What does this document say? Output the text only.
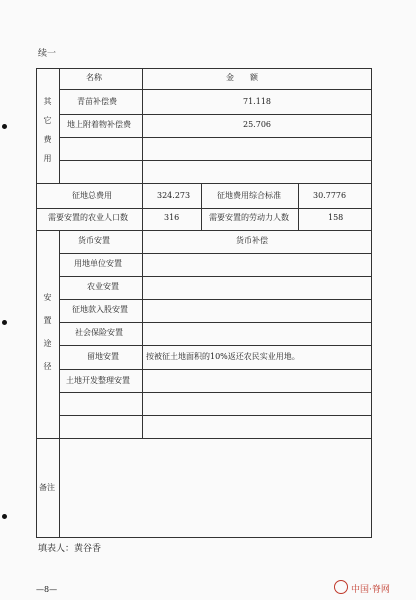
续一
其它费用
名称	金　　额
青苗补偿费	71.118
地上附着物补偿费	25.706
征地总费用	324.273	征地费用综合标准	30.7776
需要安置的农业人口数	316	需要安置的劳动力人数	158
安置途径
货币安置	货币补偿
用地单位安置
农业安置
征地款入股安置
社会保险安置
留地安置	按被征土地面积的10%返还农民实业用地。
土地开发整理安置
备注
填表人：黄谷香
—8—	中国·脊网
